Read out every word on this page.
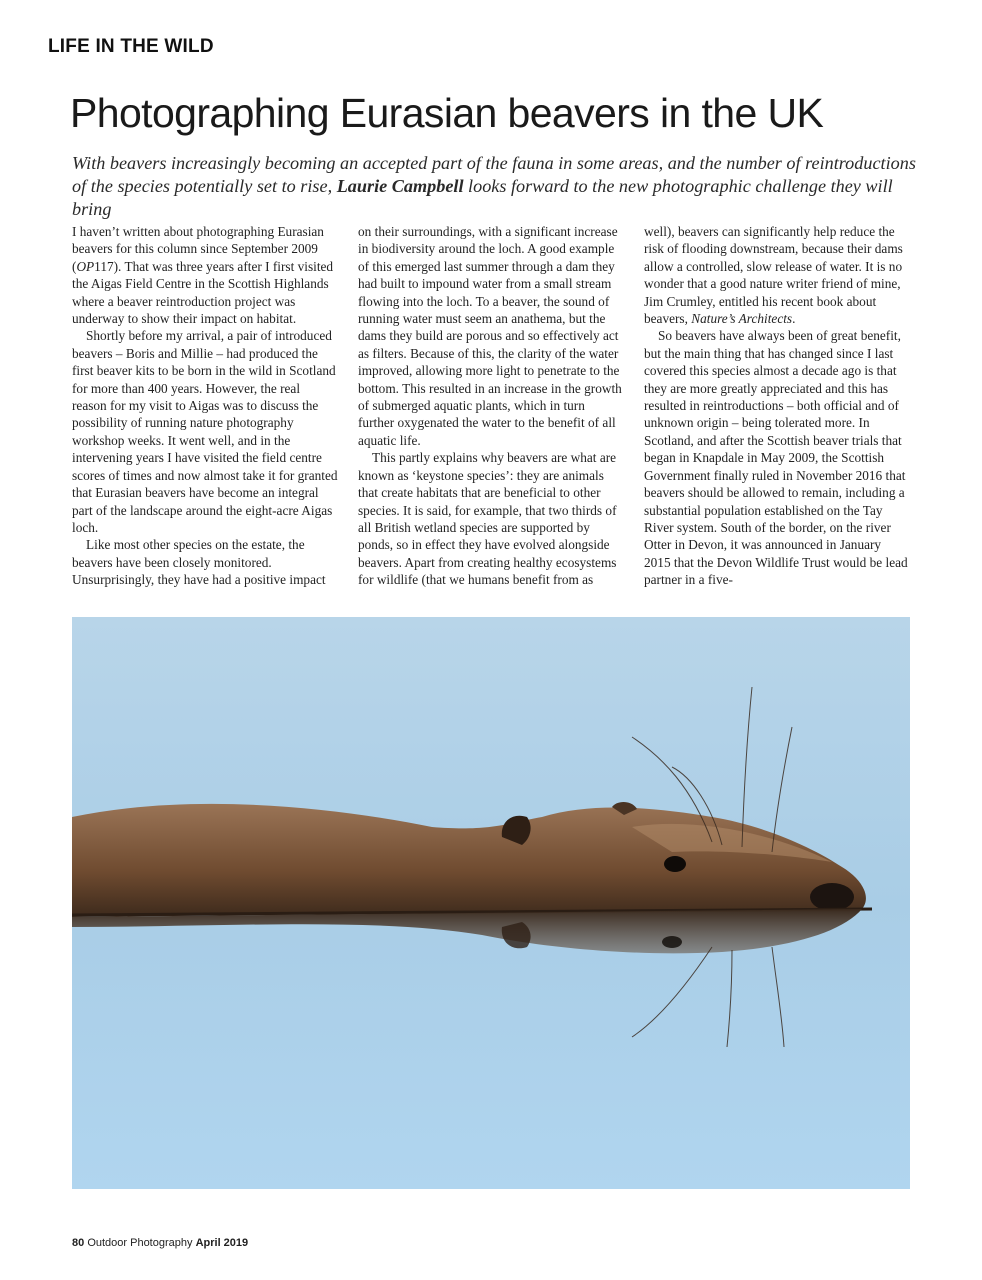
LIFE IN THE WILD
Photographing Eurasian beavers in the UK

With beavers increasingly becoming an accepted part of the fauna in some areas, and the number of reintroductions of the species potentially set to rise, Laurie Campbell looks forward to the new photographic challenge they will bring

I haven’t written about photographing Eurasian beavers for this column since September 2009 (OP117). That was three years after I first visited the Aigas Field Centre in the Scottish Highlands where a beaver reintroduction project was underway to show their impact on habitat.

Shortly before my arrival, a pair of introduced beavers – Boris and Millie – had produced the first beaver kits to be born in the wild in Scotland for more than 400 years. However, the real reason for my visit to Aigas was to discuss the possibility of running nature photography workshop weeks. It went well, and in the intervening years I have visited the field centre scores of times and now almost take it for granted that Eurasian beavers have become an integral part of the landscape around the eight-acre Aigas loch.

Like most other species on the estate, the beavers have been closely monitored. Unsurprisingly, they have had a positive impact

on their surroundings, with a significant increase in biodiversity around the loch. A good example of this emerged last summer through a dam they had built to impound water from a small stream flowing into the loch. To a beaver, the sound of running water must seem an anathema, but the dams they build are porous and so effectively act as filters. Because of this, the clarity of the water improved, allowing more light to penetrate to the bottom. This resulted in an increase in the growth of submerged aquatic plants, which in turn further oxygenated the water to the benefit of all aquatic life.

This partly explains why beavers are what are known as ‘keystone species’: they are animals that create habitats that are beneficial to other species. It is said, for example, that two thirds of all British wetland species are supported by ponds, so in effect they have evolved alongside beavers. Apart from creating healthy ecosystems for wildlife (that we humans benefit from as

well), beavers can significantly help reduce the risk of flooding downstream, because their dams allow a controlled, slow release of water. It is no wonder that a good nature writer friend of mine, Jim Crumley, entitled his recent book about beavers, Nature’s Architects.

So beavers have always been of great benefit, but the main thing that has changed since I last covered this species almost a decade ago is that they are more greatly appreciated and this has resulted in reintroductions – both official and of unknown origin – being tolerated more. In Scotland, and after the Scottish beaver trials that began in Knapdale in May 2009, the Scottish Government finally ruled in November 2016 that beavers should be allowed to remain, including a substantial population established on the Tay River system. South of the border, on the river Otter in Devon, it was announced in January 2015 that the Devon Wildlife Trust would be lead partner in a five-

80 Outdoor Photography April 2019
